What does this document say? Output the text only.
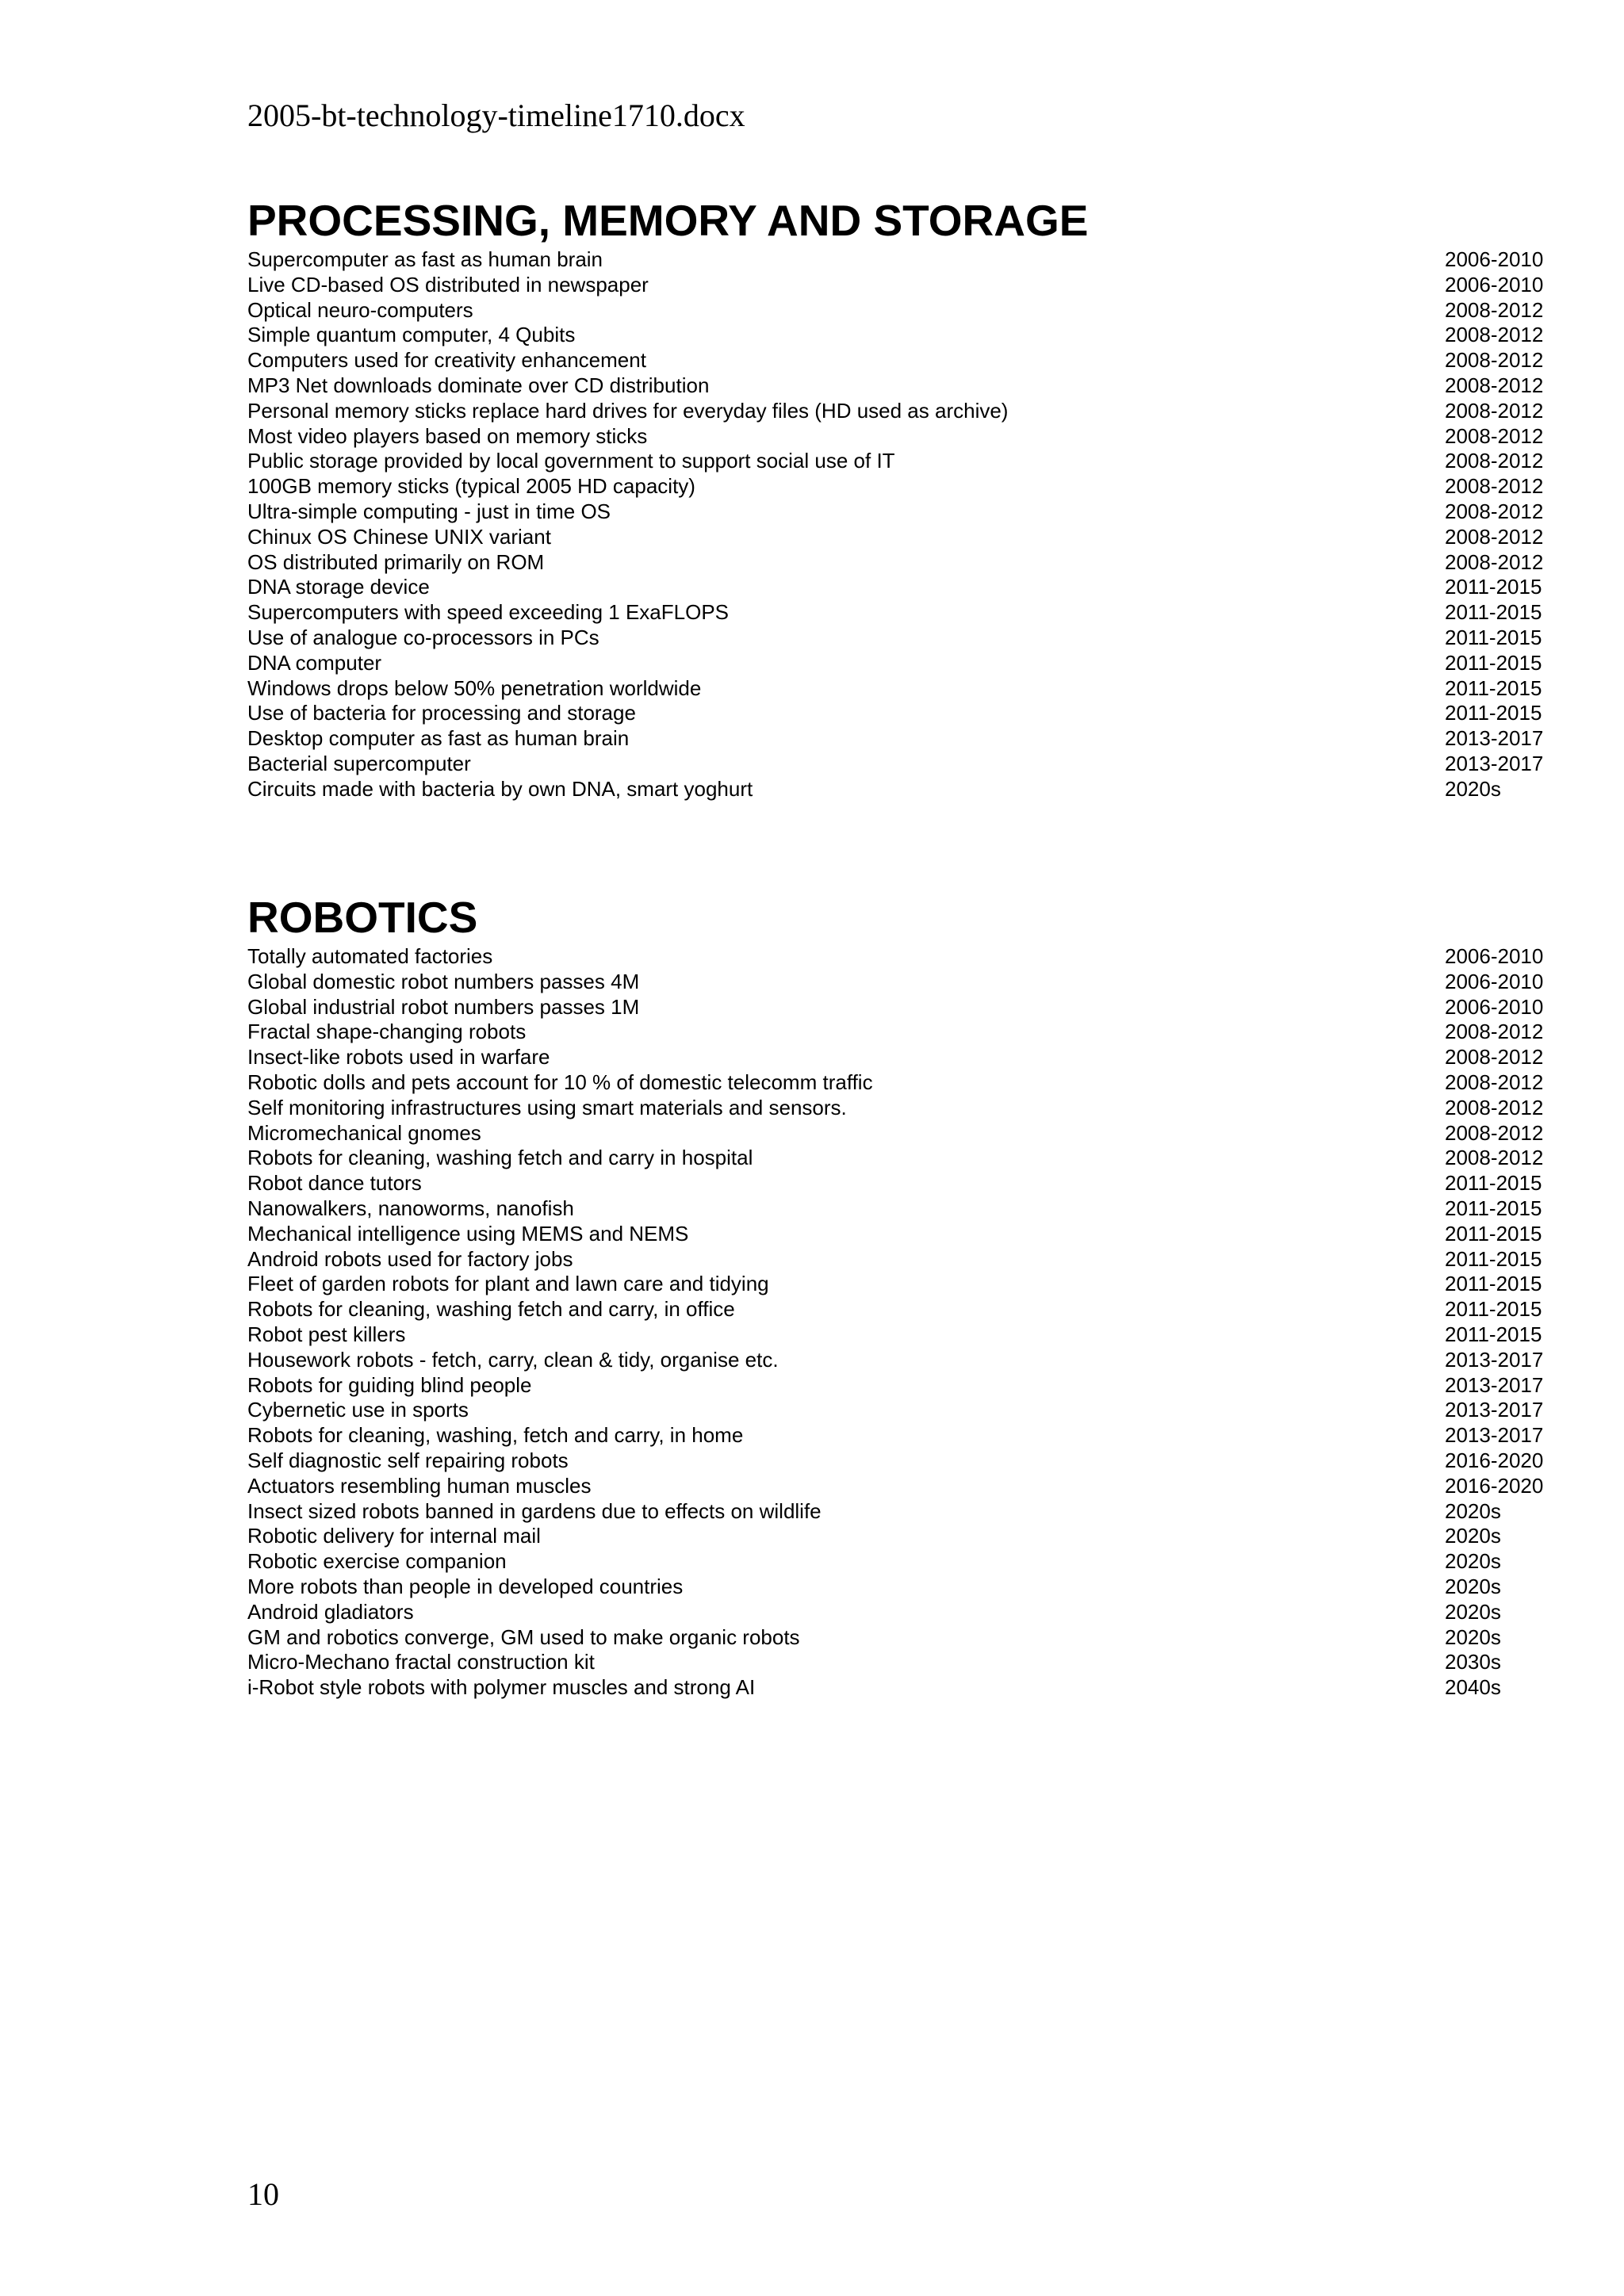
2005-bt-technology-timeline1710.docx
PROCESSING, MEMORY AND STORAGE
Supercomputer as fast as human brain	2006-2010
Live CD-based OS distributed in newspaper	2006-2010
Optical neuro-computers	2008-2012
Simple quantum computer, 4 Qubits	2008-2012
Computers used for creativity enhancement	2008-2012
MP3 Net downloads dominate over CD distribution	2008-2012
Personal memory sticks replace hard drives for everyday files (HD used as archive)	2008-2012
Most video players based on memory sticks	2008-2012
Public storage provided by local government to support social use of IT	2008-2012
100GB memory sticks (typical 2005 HD capacity)	2008-2012
Ultra-simple computing - just in time OS	2008-2012
Chinux OS Chinese UNIX variant	2008-2012
OS distributed primarily on ROM	2008-2012
DNA storage device	2011-2015
Supercomputers with speed exceeding 1 ExaFLOPS	2011-2015
Use of analogue co-processors in PCs	2011-2015
DNA computer	2011-2015
Windows drops below 50% penetration worldwide	2011-2015
Use of bacteria for processing and storage	2011-2015
Desktop computer as fast as human brain	2013-2017
Bacterial supercomputer	2013-2017
Circuits made with bacteria by own DNA, smart yoghurt	2020s
ROBOTICS
Totally automated factories	2006-2010
Global domestic robot numbers passes 4M	2006-2010
Global industrial robot numbers passes 1M	2006-2010
Fractal shape-changing robots	2008-2012
Insect-like robots used in warfare	2008-2012
Robotic dolls and pets account for 10 % of domestic telecomm traffic	2008-2012
Self monitoring infrastructures using smart materials and sensors.	2008-2012
Micromechanical gnomes	2008-2012
Robots for cleaning, washing fetch and carry in hospital	2008-2012
Robot dance tutors	2011-2015
Nanowalkers, nanoworms, nanofish	2011-2015
Mechanical intelligence using MEMS and NEMS	2011-2015
Android robots used for factory jobs	2011-2015
Fleet of garden robots for plant and lawn care and tidying	2011-2015
Robots for cleaning, washing fetch and carry, in office	2011-2015
Robot pest killers	2011-2015
Housework robots - fetch, carry, clean & tidy, organise etc.	2013-2017
Robots for guiding blind people	2013-2017
Cybernetic use in sports	2013-2017
Robots for cleaning, washing, fetch and carry, in home	2013-2017
Self diagnostic self repairing robots	2016-2020
Actuators resembling human muscles	2016-2020
Insect sized robots banned in gardens due to effects on wildlife	2020s
Robotic delivery for internal mail	2020s
Robotic exercise companion	2020s
More robots than people in developed countries	2020s
Android gladiators	2020s
GM and robotics converge, GM used to make organic robots	2020s
Micro-Mechano fractal construction kit	2030s
i-Robot style robots with polymer muscles and strong AI	2040s
10
